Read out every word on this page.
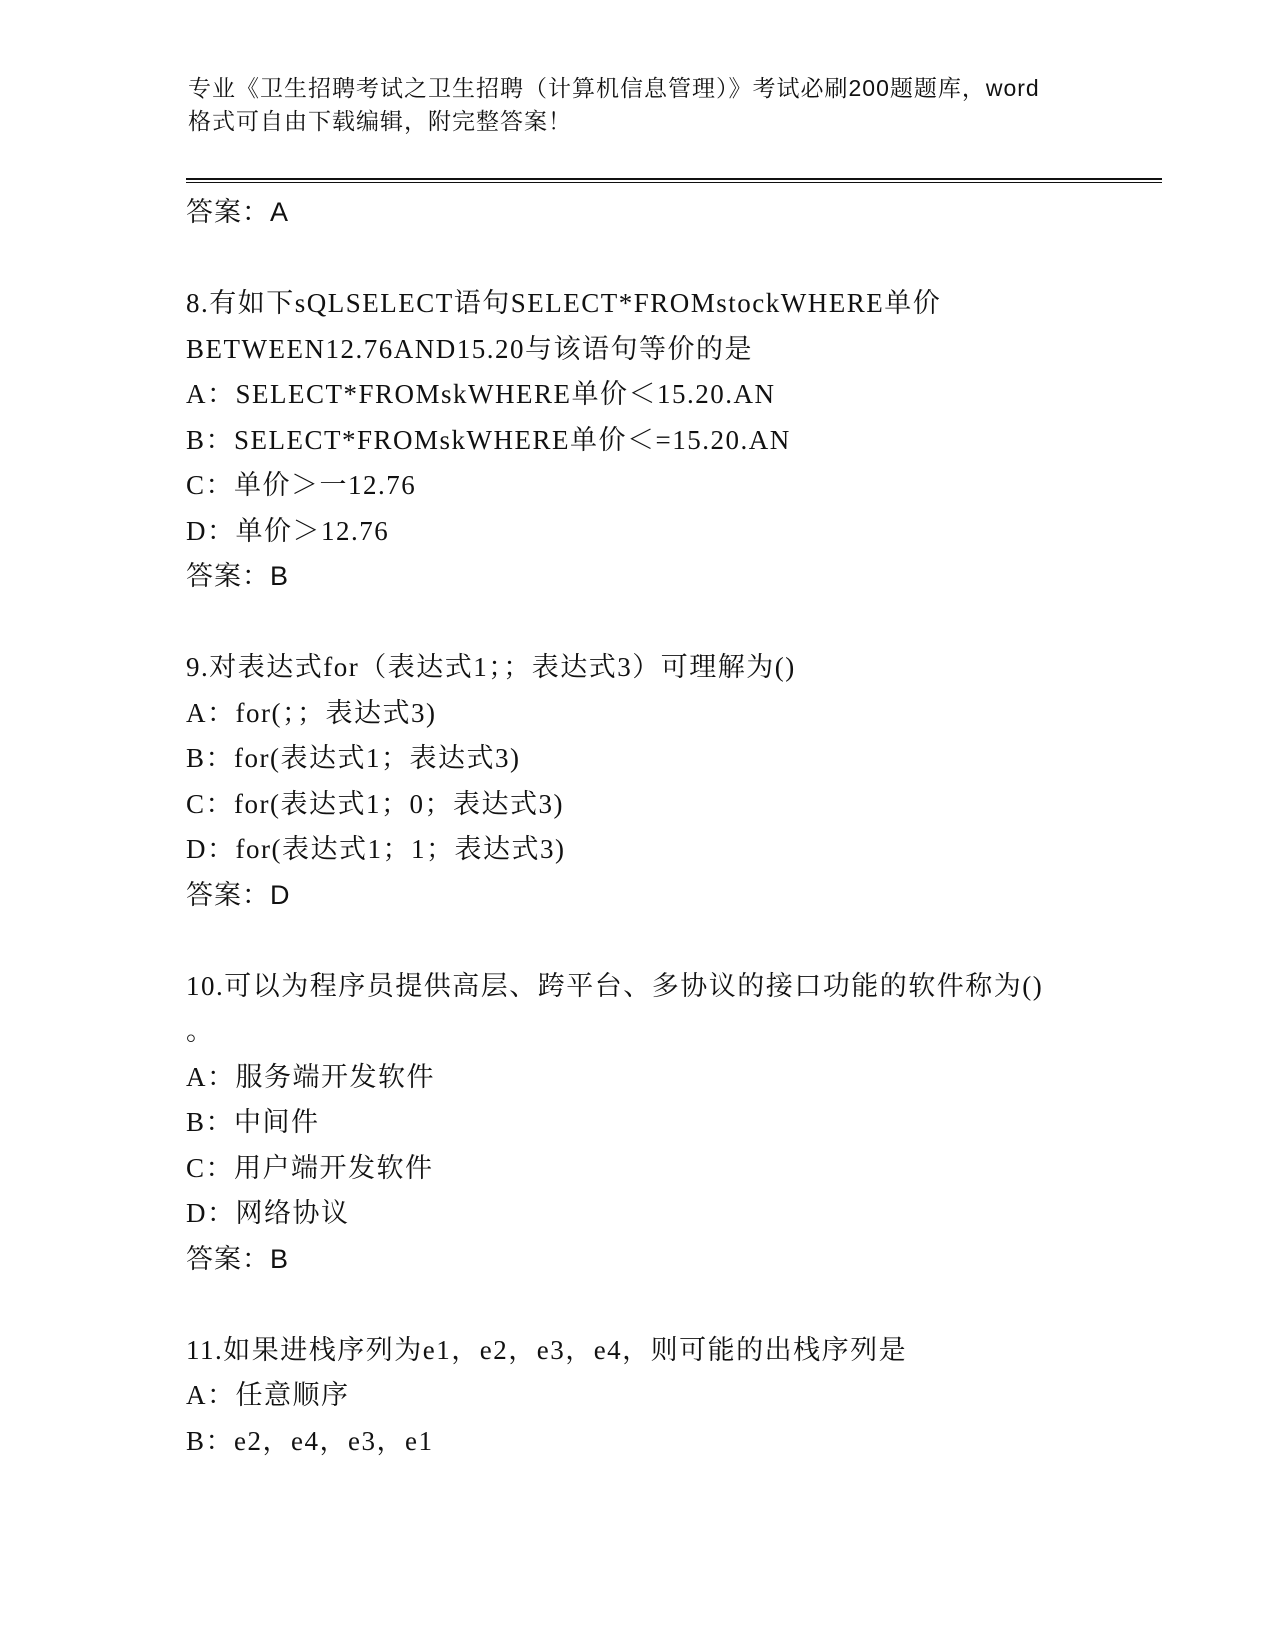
专业《卫生招聘考试之卫生招聘（计算机信息管理）》考试必刷200题题库，word
格式可自由下载编辑，附完整答案！
答案：A
8.有如下sQLSELECT语句SELECT*FROMstockWHERE单价
BETWEEN12.76AND15.20与该语句等价的是
A：SELECT*FROMskWHERE单价＜15.20.AN
B：SELECT*FROMskWHERE单价＜=15.20.AN
C：单价＞一12.76
D：单价＞12.76
答案：B
9.对表达式for（表达式1；；表达式3）可理解为()
A：for(；；表达式3)
B：for(表达式1；表达式3)
C：for(表达式1；0；表达式3)
D：for(表达式1；1；表达式3)
答案：D
10.可以为程序员提供高层、跨平台、多协议的接口功能的软件称为()
。
A：服务端开发软件
B：中间件
C：用户端开发软件
D：网络协议
答案：B
11.如果进栈序列为e1，e2，e3，e4，则可能的出栈序列是
A：任意顺序
B：e2，e4，e3，e1
